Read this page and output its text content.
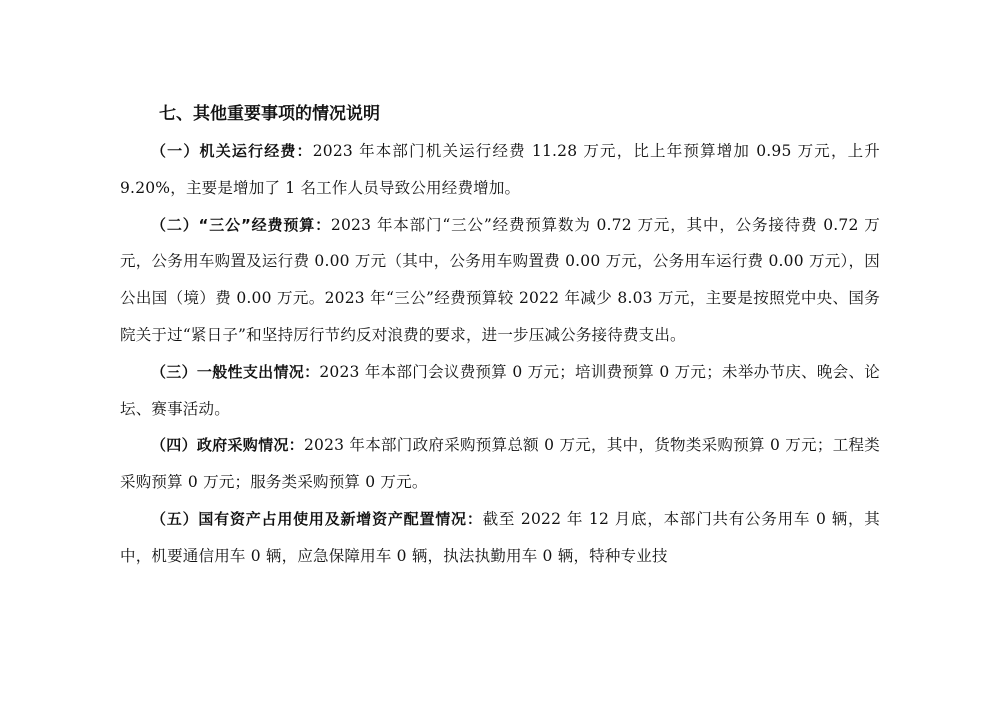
七、其他重要事项的情况说明

（一）机关运行经费：2023 年本部门机关运行经费 11.28 万元，比上年预算增加 0.95 万元，上升 9.20%，主要是增加了 1 名工作人员导致公用经费增加。

（二）“三公”经费预算：2023 年本部门“三公”经费预算数为 0.72 万元，其中，公务接待费 0.72 万元，公务用车购置及运行费 0.00 万元（其中，公务用车购置费 0.00 万元，公务用车运行费 0.00 万元），因公出国（境）费 0.00 万元。2023 年“三公”经费预算较 2022 年减少 8.03 万元，主要是按照党中央、国务院关于过“紧日子”和坚持厉行节约反对浪费的要求，进一步压减公务接待费支出。

（三）一般性支出情况：2023 年本部门会议费预算 0 万元；培训费预算 0 万元；未举办节庆、晚会、论坛、赛事活动。

（四）政府采购情况：2023 年本部门政府采购预算总额 0 万元，其中，货物类采购预算 0 万元；工程类采购预算 0 万元；服务类采购预算 0 万元。

（五）国有资产占用使用及新增资产配置情况：截至 2022 年 12 月底，本部门共有公务用车 0 辆，其中，机要通信用车 0 辆，应急保障用车 0 辆，执法执勤用车 0 辆，特种专业技
